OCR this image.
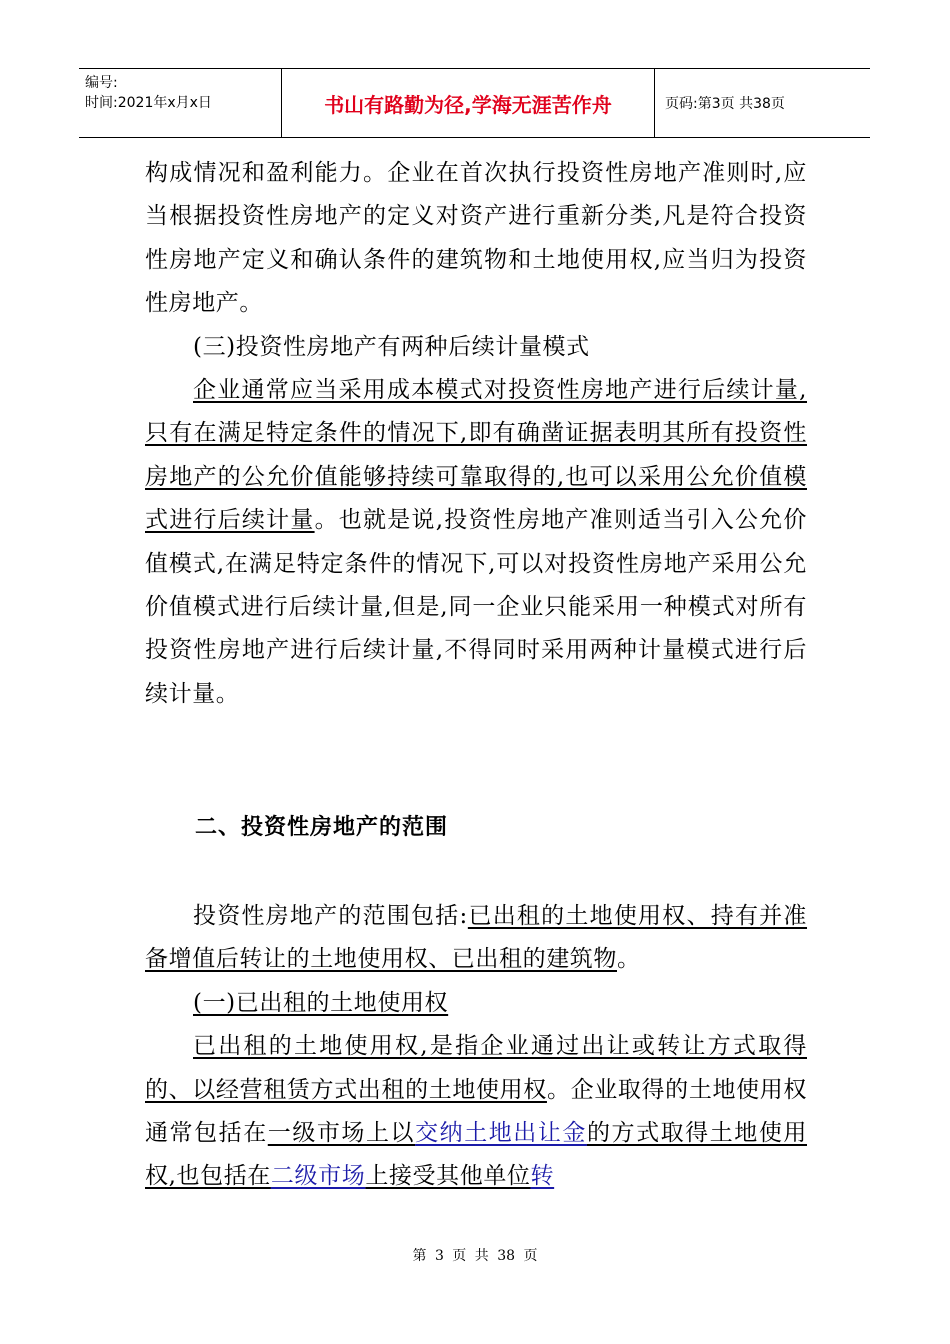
编号:
时间:2021年x月x日	书山有路勤为径,学海无涯苦作舟	页码:第3页 共38页

构成情况和盈利能力。企业在首次执行投资性房地产准则时,应当根据投资性房地产的定义对资产进行重新分类,凡是符合投资性房地产定义和确认条件的建筑物和土地使用权,应当归为投资性房地产。

(三)投资性房地产有两种后续计量模式

企业通常应当采用成本模式对投资性房地产进行后续计量,只有在满足特定条件的情况下,即有确凿证据表明其所有投资性房地产的公允价值能够持续可靠取得的,也可以采用公允价值模式进行后续计量。也就是说,投资性房地产准则适当引入公允价值模式,在满足特定条件的情况下,可以对投资性房地产采用公允价值模式进行后续计量,但是,同一企业只能采用一种模式对所有投资性房地产进行后续计量,不得同时采用两种计量模式进行后续计量。

二、投资性房地产的范围

投资性房地产的范围包括:已出租的土地使用权、持有并准备增值后转让的土地使用权、已出租的建筑物。

(一)已出租的土地使用权

已出租的土地使用权,是指企业通过出让或转让方式取得的、以经营租赁方式出租的土地使用权。企业取得的土地使用权通常包括在一级市场上以交纳土地出让金的方式取得土地使用权,也包括在二级市场上接受其他单位转

第 3 页 共 38 页
